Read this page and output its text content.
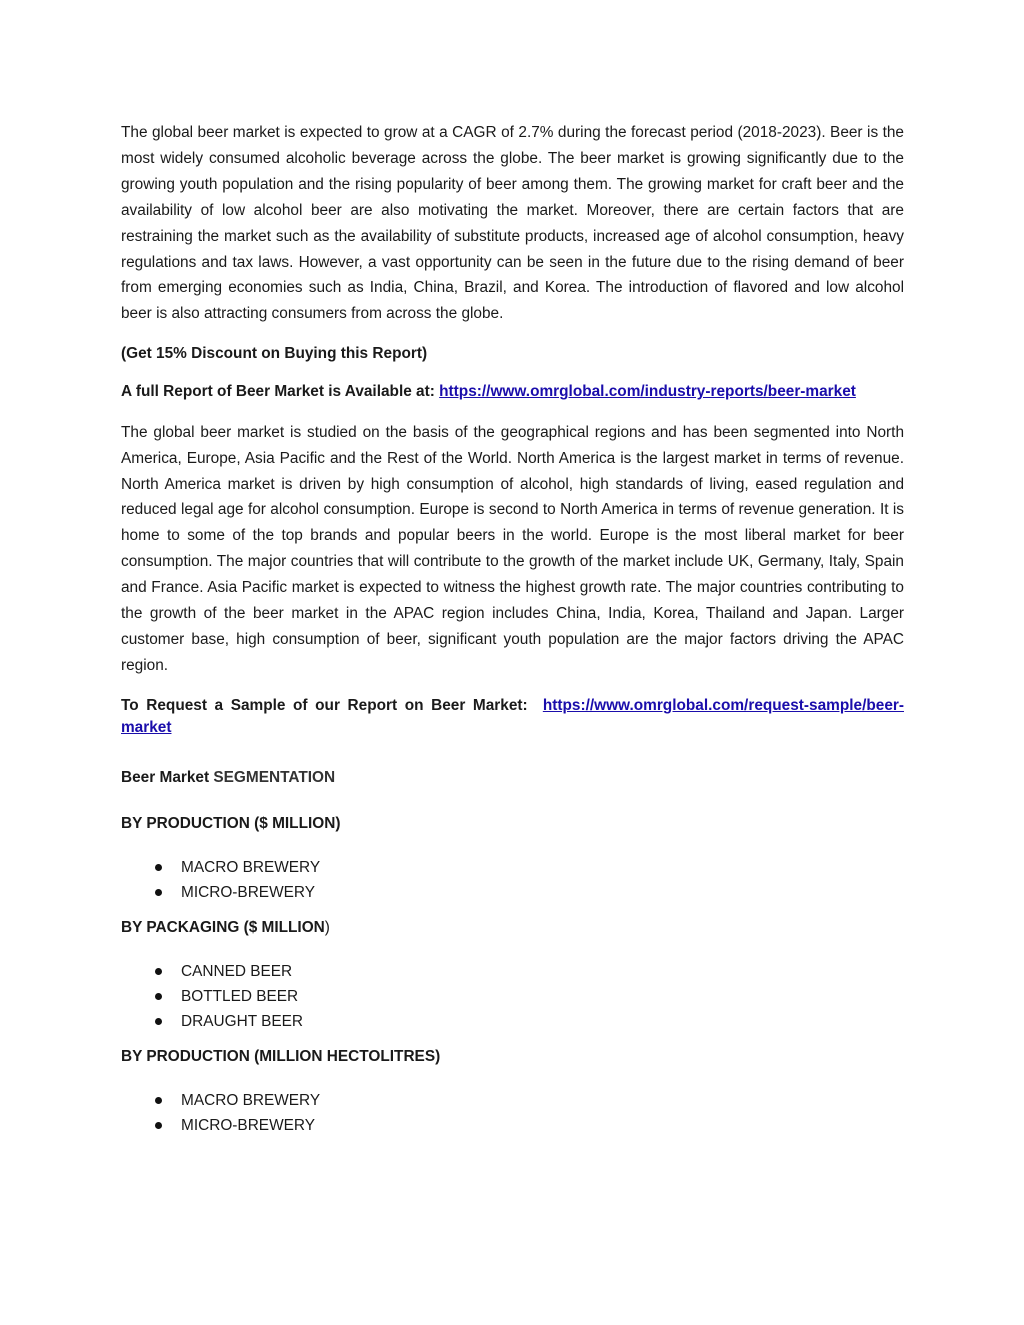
The global beer market is expected to grow at a CAGR of 2.7% during the forecast period (2018-2023). Beer is the most widely consumed alcoholic beverage across the globe. The beer market is growing significantly due to the growing youth population and the rising popularity of beer among them. The growing market for craft beer and the availability of low alcohol beer are also motivating the market. Moreover, there are certain factors that are restraining the market such as the availability of substitute products, increased age of alcohol consumption, heavy regulations and tax laws. However, a vast opportunity can be seen in the future due to the rising demand of beer from emerging economies such as India, China, Brazil, and Korea. The introduction of flavored and low alcohol beer is also attracting consumers from across the globe.

(Get 15% Discount on Buying this Report)

A full Report of Beer Market is Available at: https://www.omrglobal.com/industry-reports/beer-market

The global beer market is studied on the basis of the geographical regions and has been segmented into North America, Europe, Asia Pacific and the Rest of the World. North America is the largest market in terms of revenue. North America market is driven by high consumption of alcohol, high standards of living, eased regulation and reduced legal age for alcohol consumption. Europe is second to North America in terms of revenue generation. It is home to some of the top brands and popular beers in the world. Europe is the most liberal market for beer consumption. The major countries that will contribute to the growth of the market include UK, Germany, Italy, Spain and France. Asia Pacific market is expected to witness the highest growth rate. The major countries contributing to the growth of the beer market in the APAC region includes China, India, Korea, Thailand and Japan. Larger customer base, high consumption of beer, significant youth population are the major factors driving the APAC region.

To Request a Sample of our Report on Beer Market:  https://www.omrglobal.com/request-sample/beer-market

Beer Market SEGMENTATION
BY PRODUCTION ($ MILLION)
MACRO BREWERY
MICRO-BREWERY
BY PACKAGING ($ MILLION)
CANNED BEER
BOTTLED BEER
DRAUGHT BEER
BY PRODUCTION (MILLION HECTOLITRES)
MACRO BREWERY
MICRO-BREWERY
